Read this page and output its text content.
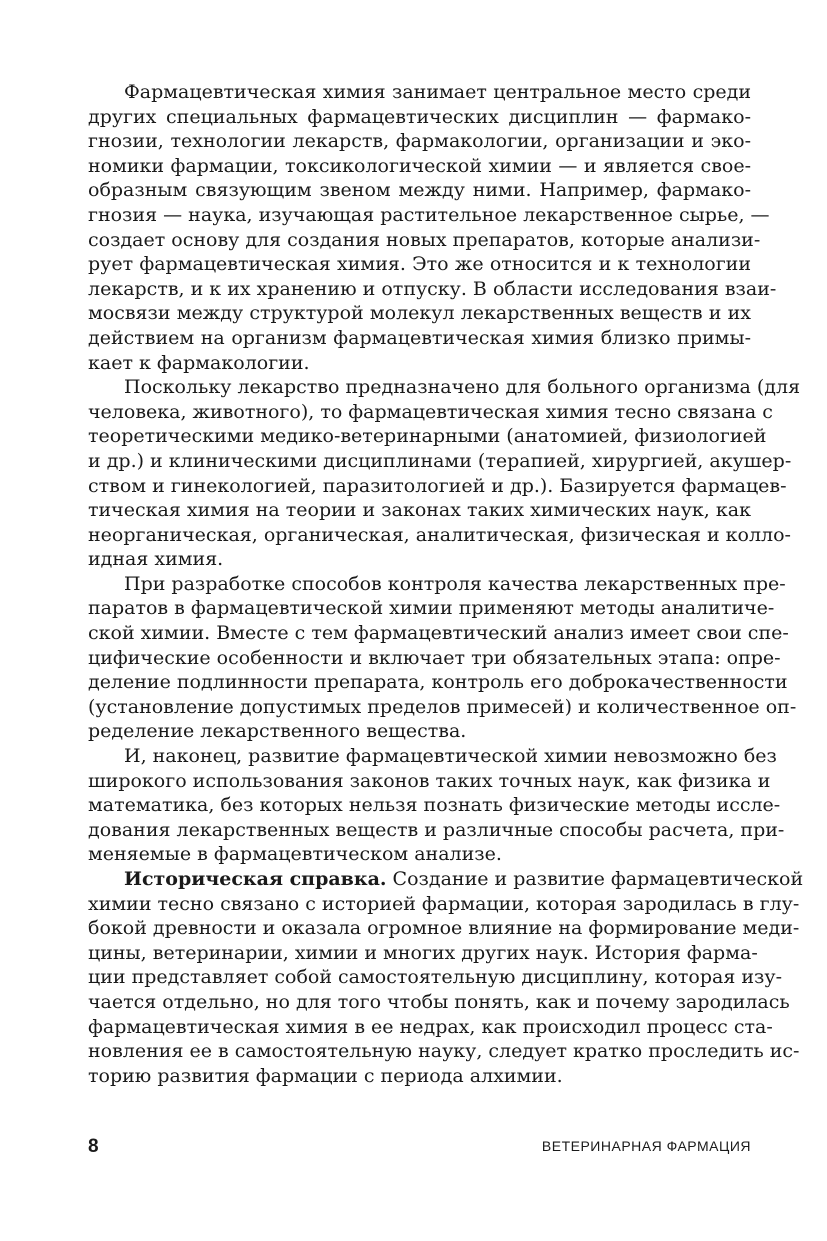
Фармацевтическая химия занимает центральное место среди
других специальных фармацевтических дисциплин — фармако-
гнозии, технологии лекарств, фармакологии, организации и эко-
номики фармации, токсикологической химии — и является свое-
образным связующим звеном между ними. Например, фармако-
гнозия — наука, изучающая растительное лекарственное сырье, —
создает основу для создания новых препаратов, которые анализи-
рует фармацевтическая химия. Это же относится и к технологии
лекарств, и к их хранению и отпуску. В области исследования взаи-
мосвязи между структурой молекул лекарственных веществ и их
действием на организм фармацевтическая химия близко примы-
кает к фармакологии.
Поскольку лекарство предназначено для больного организма (для
человека, животного), то фармацевтическая химия тесно связана с
теоретическими медико-ветеринарными (анатомией, физиологией
и др.) и клиническими дисциплинами (терапией, хирургией, акушер-
ством и гинекологией, паразитологией и др.). Базируется фармацев-
тическая химия на теории и законах таких химических наук, как
неорганическая, органическая, аналитическая, физическая и колло-
идная химия.
При разработке способов контроля качества лекарственных пре-
паратов в фармацевтической химии применяют методы аналитиче-
ской химии. Вместе с тем фармацевтический анализ имеет свои спе-
цифические особенности и включает три обязательных этапа: опре-
деление подлинности препарата, контроль его доброкачественности
(установление допустимых пределов примесей) и количественное оп-
ределение лекарственного вещества.
И, наконец, развитие фармацевтической химии невозможно без
широкого использования законов таких точных наук, как физика и
математика, без которых нельзя познать физические методы иссле-
дования лекарственных веществ и различные способы расчета, при-
меняемые в фармацевтическом анализе.
Историческая справка. Создание и развитие фармацевтической
химии тесно связано с историей фармации, которая зародилась в глу-
бокой древности и оказала огромное влияние на формирование меди-
цины, ветеринарии, химии и многих других наук. История фарма-
ции представляет собой самостоятельную дисциплину, которая изу-
чается отдельно, но для того чтобы понять, как и почему зародилась
фармацевтическая химия в ее недрах, как происходил процесс ста-
новления ее в самостоятельную науку, следует кратко проследить ис-
торию развития фармации с периода алхимии.
8	ВЕТЕРИНАРНАЯ ФАРМАЦИЯ
